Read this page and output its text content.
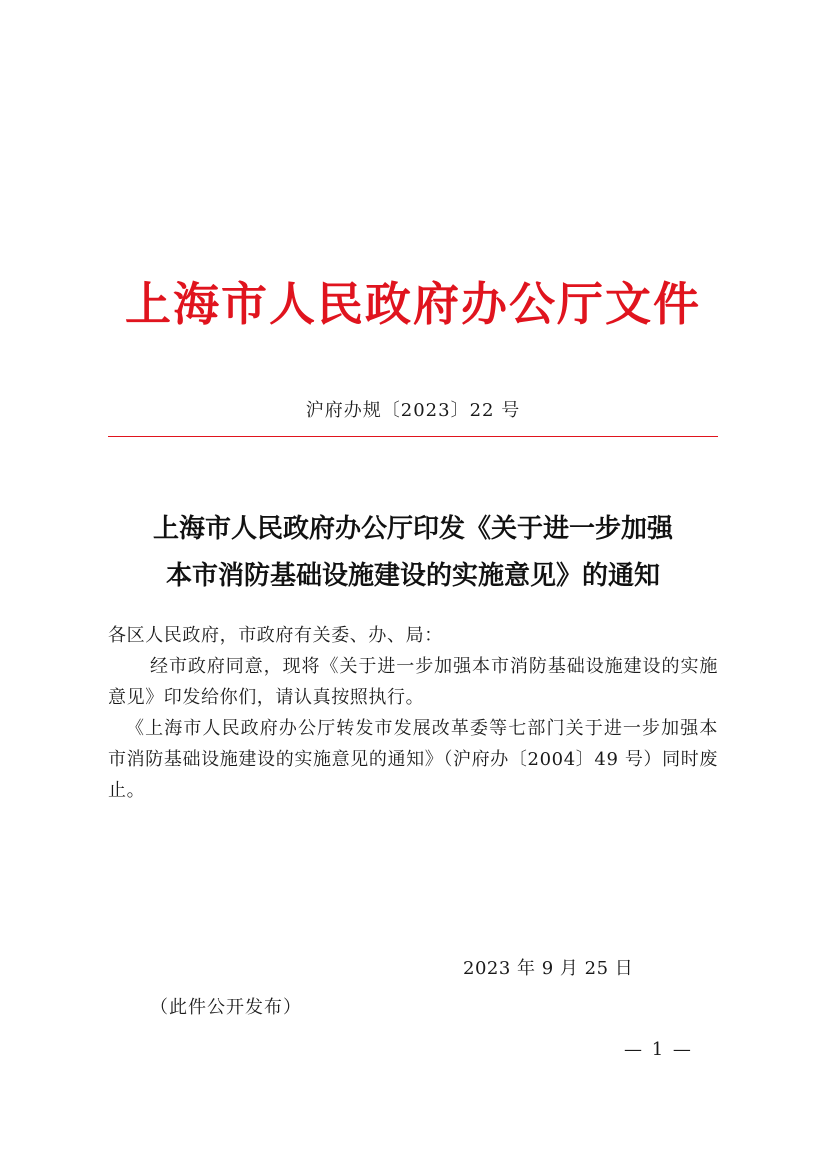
上海市人民政府办公厅文件
沪府办规〔2023〕22 号
上海市人民政府办公厅印发《关于进一步加强
本市消防基础设施建设的实施意见》的通知
各区人民政府，市政府有关委、办、局：
经市政府同意，现将《关于进一步加强本市消防基础设施建设的实施意见》印发给你们，请认真按照执行。
《上海市人民政府办公厅转发市发展改革委等七部门关于进一步加强本市消防基础设施建设的实施意见的通知》（沪府办〔2004〕49 号）同时废止。
2023 年 9 月 25 日
（此件公开发布）
— 1 —
